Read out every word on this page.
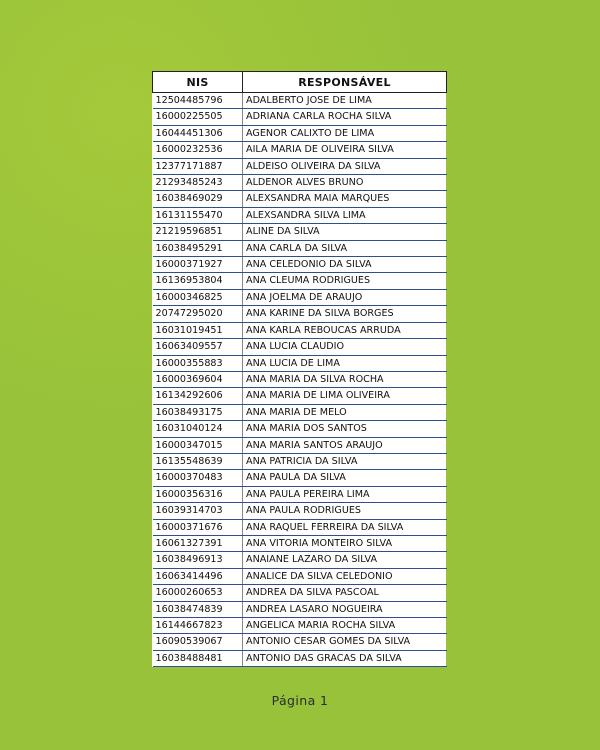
NIS	RESPONSÁVEL
12504485796	ADALBERTO JOSE DE LIMA
16000225505	ADRIANA CARLA ROCHA SILVA
16044451306	AGENOR CALIXTO DE LIMA
16000232536	AILA MARIA DE OLIVEIRA SILVA
12377171887	ALDEISO OLIVEIRA DA SILVA
21293485243	ALDENOR ALVES BRUNO
16038469029	ALEXSANDRA MAIA MARQUES
16131155470	ALEXSANDRA SILVA LIMA
21219596851	ALINE DA SILVA
16038495291	ANA CARLA DA SILVA
16000371927	ANA CELEDONIO DA SILVA
16136953804	ANA CLEUMA RODRIGUES
16000346825	ANA JOELMA DE ARAUJO
20747295020	ANA KARINE DA SILVA BORGES
16031019451	ANA KARLA REBOUCAS ARRUDA
16063409557	ANA LUCIA CLAUDIO
16000355883	ANA LUCIA DE LIMA
16000369604	ANA MARIA DA SILVA ROCHA
16134292606	ANA MARIA DE LIMA OLIVEIRA
16038493175	ANA MARIA DE MELO
16031040124	ANA MARIA DOS SANTOS
16000347015	ANA MARIA SANTOS ARAUJO
16135548639	ANA PATRICIA DA SILVA
16000370483	ANA PAULA DA SILVA
16000356316	ANA PAULA PEREIRA LIMA
16039314703	ANA PAULA RODRIGUES
16000371676	ANA RAQUEL FERREIRA DA SILVA
16061327391	ANA VITORIA MONTEIRO SILVA
16038496913	ANAIANE LAZARO DA SILVA
16063414496	ANALICE DA SILVA CELEDONIO
16000260653	ANDREA DA SILVA PASCOAL
16038474839	ANDREA LASARO NOGUEIRA
16144667823	ANGELICA MARIA ROCHA SILVA
16090539067	ANTONIO CESAR GOMES DA SILVA
16038488481	ANTONIO DAS GRACAS DA SILVA
Página 1
